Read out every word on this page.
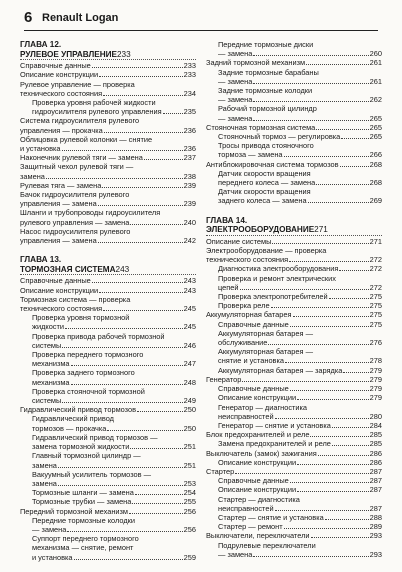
6 Renault Logan
ГЛАВА 12.
РУЛЕВОЕ УПРАВЛЕНИЕ 233
Справочные данные	233
Описание конструкции	233
Рулевое управление — проверка
технического состояния	234
Проверка уровня рабочей жидкости
гидроусилителя рулевого управления	235
Система гидроусилителя рулевого
управления — прокачка	236
Облицовка рулевой колонки — снятие
и установка	236
Наконечник рулевой тяги — замена	237
Защитный чехол рулевой тяги —
замена	238
Рулевая тяга — замена	239
Бачок гидроусилителя рулевого
управления — замена	239
Шланги и трубопроводы гидроусилителя
рулевого управления — замена	240
Насос гидроусилителя рулевого
управления — замена	242
ГЛАВА 13.
ТОРМОЗНАЯ СИСТЕМА 243
Справочные данные	243
Описание конструкции	243
Тормозная система — проверка
технического состояния	245
Проверка уровня тормозной
жидкости	245
Проверка привода рабочей тормозной
системы	246
Проверка переднего тормозного
механизма	247
Проверка заднего тормозного
механизма	248
Проверка стояночной тормозной
системы	249
Гидравлический привод тормозов	250
Гидравлический привод
тормозов — прокачка	250
Гидравлический привод тормозов —
замена тормозной жидкости	251
Главный тормозной цилиндр —
замена	251
Вакуумный усилитель тормозов —
замена	253
Тормозные шланги — замена	254
Тормозные трубки — замена	255
Передний тормозной механизм	256
Передние тормозные колодки
— замена	256
Суппорт переднего тормозного
механизма — снятие, ремонт
и установка	259
Передние тормозные диски
— замена	260
Задний тормозной механизм	261
Задние тормозные барабаны
— замена	261
Задние тормозные колодки
— замена	262
Рабочий тормозной цилиндр
— замена	265
Стояночная тормозная система	265
Стояночный тормоз — регулировка	265
Тросы привода стояночного
тормоза — замена	266
Антиблокировочная система тормозов	268
Датчик скорости вращения
переднего колеса — замена	268
Датчик скорости вращения
заднего колеса — замена	269
ГЛАВА 14.
ЭЛЕКТРООБОРУДОВАНИЕ 271
Описание системы	271
Электрооборудование — проверка
технического состояния	272
Диагностика электрооборудования	272
Проверка и ремонт электрических
цепей	272
Проверка электропотребителей	275
Проверка реле	275
Аккумуляторная батарея	275
Справочные данные	275
Аккумуляторная батарея —
обслуживание	276
Аккумуляторная батарея —
снятие и установка	278
Аккумуляторная батарея — зарядка	279
Генератор	279
Справочные данные	279
Описание конструкции	279
Генератор — диагностика
неисправностей	280
Генератор — снятие и установка	284
Блок предохранителей и реле	285
Замена предохранителей и реле	285
Выключатель (замок) зажигания	286
Описание конструкции	286
Стартер	287
Справочные данные	287
Описание конструкции	287
Стартер — диагностика
неисправностей	287
Стартер — снятие и установка	288
Стартер — ремонт	289
Выключатели, переключатели	293
Подрулевые переключатели
— замена	293
